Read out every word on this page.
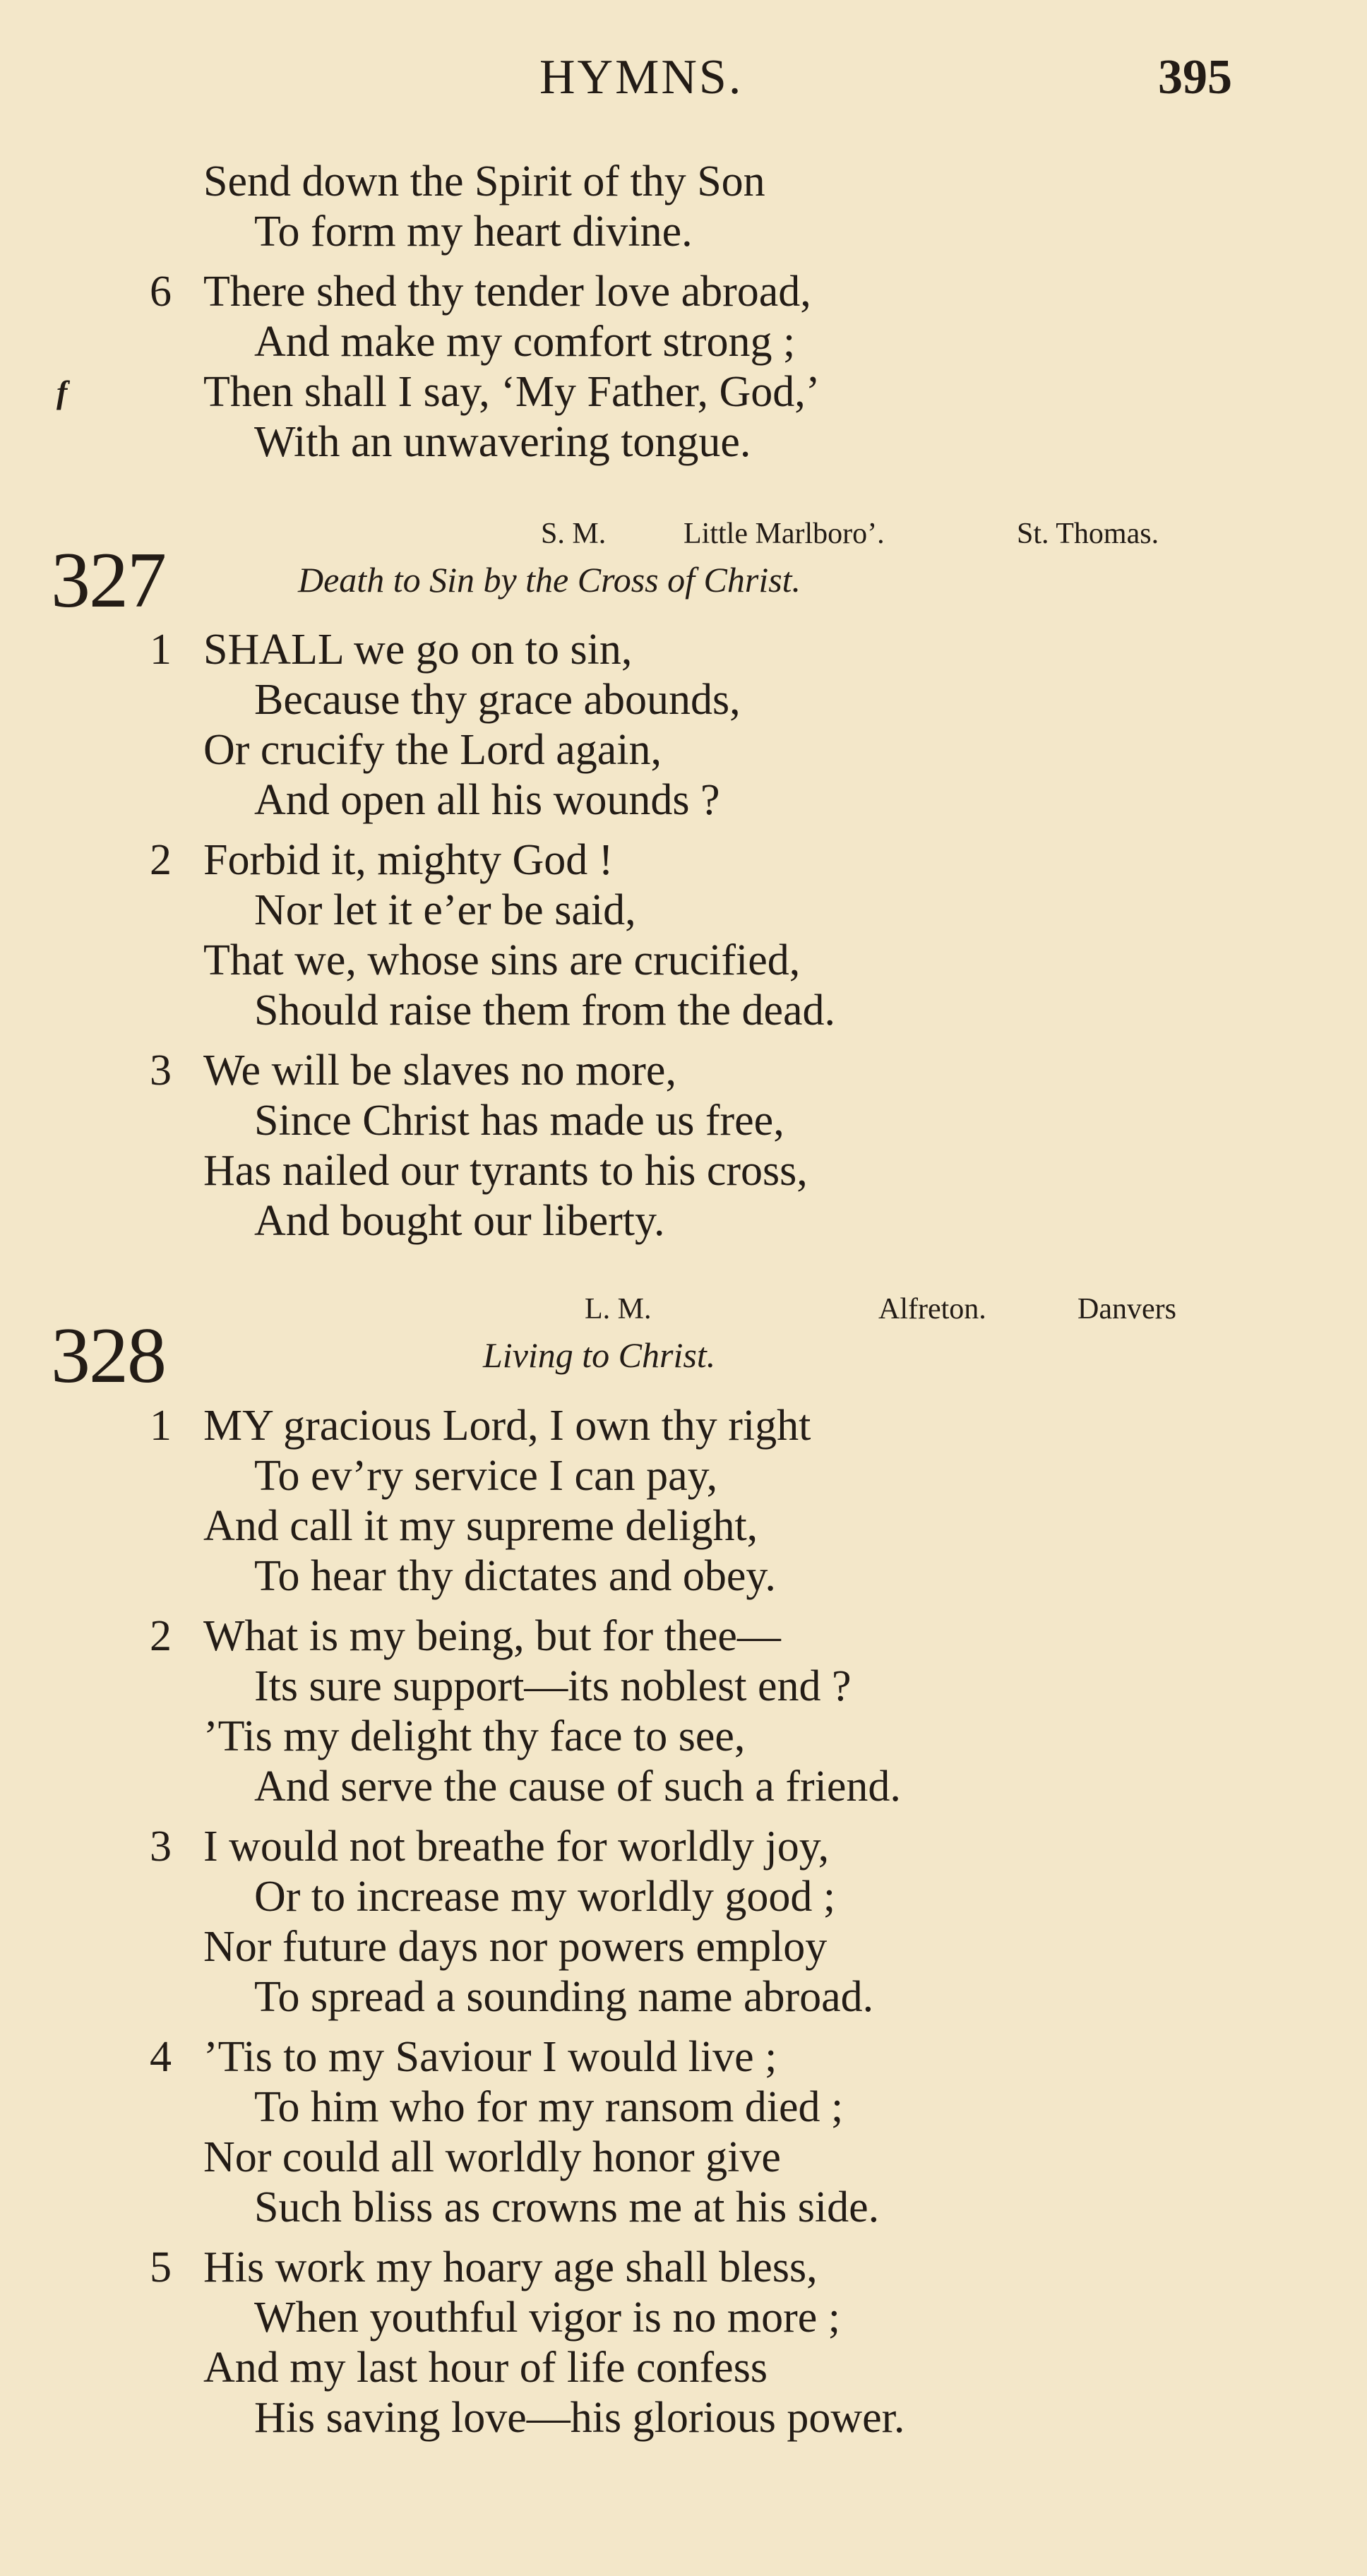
HYMNS.	395
Send down the Spirit of thy Son
To form my heart divine.
6 There shed thy tender love abroad,
And make my comfort strong ;
f	Then shall I say, ‘My Father, God,’
With an unwavering tongue.
327
S. M.	Little Marlboro’.	St. Thomas.
Death to Sin by the Cross of Christ.
1 SHALL we go on to sin,
Because thy grace abounds,
Or crucify the Lord again,
And open all his wounds ?
2 Forbid it, mighty God !
Nor let it e’er be said,
That we, whose sins are crucified,
Should raise them from the dead.
3 We will be slaves no more,
Since Christ has made us free,
Has nailed our tyrants to his cross,
And bought our liberty.
328
L. M.	Alfreton.	Danvers
Living to Christ.
1 MY gracious Lord, I own thy right
To ev’ry service I can pay,
And call it my supreme delight,
To hear thy dictates and obey.
2 What is my being, but for thee—
Its sure support—its noblest end ?
’Tis my delight thy face to see,
And serve the cause of such a friend.
3 I would not breathe for worldly joy,
Or to increase my worldly good ;
Nor future days nor powers employ
To spread a sounding name abroad.
4 ’Tis to my Saviour I would live ;
To him who for my ransom died ;
Nor could all worldly honor give
Such bliss as crowns me at his side.
5 His work my hoary age shall bless,
When youthful vigor is no more ;
And my last hour of life confess
His saving love—his glorious power.
